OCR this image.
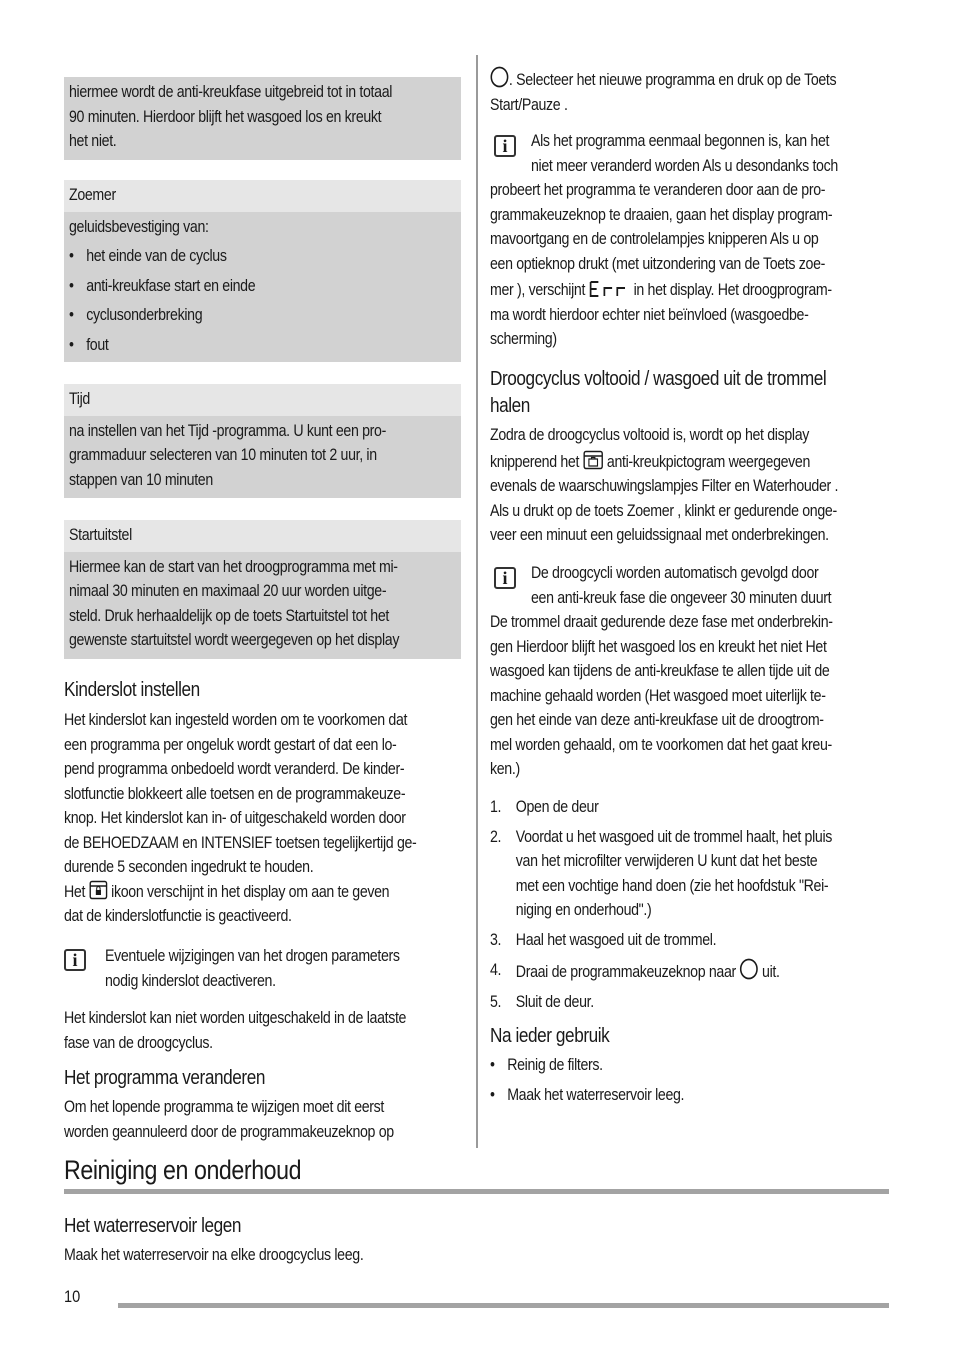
hiermee wordt de anti-kreukfase uitgebreid tot in totaal
90 minuten. Hierdoor blijft het wasgoed los en kreukt
het niet.
Zoemer
geluidsbevestiging van:
• het einde van de cyclus
• anti-kreukfase start en einde
• cyclusonderbreking
• fout
Tijd
na instellen van het Tijd -programma. U kunt een pro-
grammaduur selecteren van 10 minuten tot 2 uur, in
stappen van 10 minuten
Startuitstel
Hiermee kan de start van het droogprogramma met mi-
nimaal 30 minuten en maximaal 20 uur worden uitge-
steld. Druk herhaaldelijk op de toets Startuitstel tot het
gewenste startuitstel wordt weergegeven op het display
Kinderslot instellen
Het kinderslot kan ingesteld worden om te voorkomen dat
een programma per ongeluk wordt gestart of dat een lo-
pend programma onbedoeld wordt veranderd. De kinder-
slotfunctie blokkeert alle toetsen en de programmakeuze-
knop. Het kinderslot kan in- of uitgeschakeld worden door
de BEHOEDZAAM en INTENSIEF toetsen tegelijkertijd ge-
durende 5 seconden ingedrukt te houden.
Het ikoon verschijnt in het display om aan te geven
dat de kinderslotfunctie is geactiveerd.
i	Eventuele wijzigingen van het drogen parameters
nodig kinderslot deactiveren.
Het kinderslot kan niet worden uitgeschakeld in de laatste
fase van de droogcyclus.
Het programma veranderen
Om het lopende programma te wijzigen moet dit eerst
worden geannuleerd door de programmakeuzeknop op
. Selecteer het nieuwe programma en druk op de Toets
Start/Pauze .
i	Als het programma eenmaal begonnen is, kan het
niet meer veranderd worden Als u desondanks toch
probeert het programma te veranderen door aan de pro-
grammakeuzeknop te draaien, gaan het display program-
mavoortgang en de controlelampjes knipperen Als u op
een optieknop drukt (met uitzondering van de Toets zoe-
mer ), verschijnt	in het display. Het droogprogram-
ma wordt hierdoor echter niet beïnvloed (wasgoedbe-
scherming)
Droogcyclus voltooid / wasgoed uit de trommel
halen
Zodra de droogcyclus voltooid is, wordt op het display
knipperend het anti-kreukpictogram weergegeven
evenals de waarschuwingslampjes Filter en Waterhouder .
Als u drukt op de toets Zoemer , klinkt er gedurende onge-
veer een minuut een geluidssignaal met onderbrekingen.
i	De droogcycli worden automatisch gevolgd door
een anti-kreuk fase die ongeveer 30 minuten duurt
De trommel draait gedurende deze fase met onderbrekin-
gen Hierdoor blijft het wasgoed los en kreukt het niet Het
wasgoed kan tijdens de anti-kreukfase te allen tijde uit de
machine gehaald worden (Het wasgoed moet uiterlijk te-
gen het einde van deze anti-kreukfase uit de droogtrom-
mel worden gehaald, om te voorkomen dat het gaat kreu-
ken.)
1. Open de deur
2. Voordat u het wasgoed uit de trommel haalt, het pluis
van het microfilter verwijderen U kunt dat het beste
met een vochtige hand doen (zie het hoofdstuk "Rei-
niging en onderhoud".)
3. Haal het wasgoed uit de trommel.
4. Draai de programmakeuzeknop naar uit.
5. Sluit de deur.
Na ieder gebruik
• Reinig de filters.
• Maak het waterreservoir leeg.
Reiniging en onderhoud
Het waterreservoir legen
Maak het waterreservoir na elke droogcyclus leeg.
10
